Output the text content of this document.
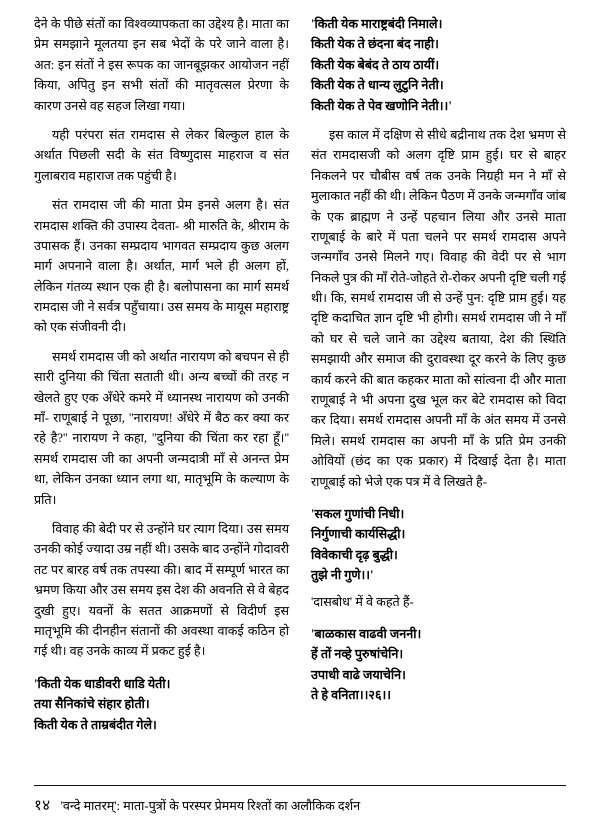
देने के पीछे संतों का विश्वव्यापकता का उद्देश्य है। माता का प्रेम समझाने मूलतया इन सब भेदों के परे जाने वाला है। अत: इन संतों ने इस रूपक का जानबूझकर आयोजन नहीं किया, अपितु इन सभी संतों की मातृवत्सल प्रेरणा के कारण उनसे वह सहज लिखा गया।

यही परंपरा संत रामदास से लेकर बिल्कुल हाल के अर्थात पिछली सदी के संत विष्णुदास माहराज व संत गुलाबराव महाराज तक पहुंची है।

संत रामदास जी की माता प्रेम इनसे अलग है। संत रामदास शक्ति की उपास्य देवता- श्री मारुति के, श्रीराम के उपासक हैं। उनका सम्प्रदाय भागवत सम्प्रदाय कुछ अलग मार्ग अपनाने वाला है। अर्थात, मार्ग भले ही अलग हों, लेकिन गंतव्य स्थान एक ही है। बलोपासना का मार्ग समर्थ रामदास जी ने सर्वत्र पहुँचाया। उस समय के मायूस महाराष्ट्र को एक संजीवनी दी।

समर्थ रामदास जी को अर्थात नारायण को बचपन से ही सारी दुनिया की चिंता सताती थी। अन्य बच्चों की तरह न खेलते हुए एक अँधेरे कमरे में ध्यानस्थ नारायण को उनकी माँ- राणूबाई ने पूछा, ''नारायण! अँधेरे में बैठ कर क्या कर रहे है?'' नारायण ने कहा, ''दुनिया की चिंता कर रहा हूँ।'' समर्थ रामदास जी का अपनी जन्मदात्री माँ से अनन्त प्रेम था, लेकिन उनका ध्यान लगा था, मातृभूमि के कल्याण के प्रति।

विवाह की बेदी पर से उन्होंने घर त्याग दिया। उस समय उनकी कोई ज्यादा उम्र नहीं थी। उसके बाद उन्होंने गोदावरी तट पर बारह वर्ष तक तपस्या की। बाद में सम्पूर्ण भारत का भ्रमण किया और उस समय इस देश की अवनति से वे बेहद दुखी हुए। यवनों के सतत आक्रमणों से विदीर्ण इस मातृभूमि की दीनहीन संतानों की अवस्था वाकई कठिन हो गई थी। वह उनके काव्य में प्रकट हुई है।

'किती येक धाडीवरी धाडि येती।
तया सैनिकांचे संहार होती।
किती येक ते ताम्रबंदीत गेले।
'किती येक माराष्ट्रबंदी निमाले।
किती येक ते छंदना बंद नाही।
किती येक बेबंद ते ठाय ठायीं।
किती येक ते धान्य लुटुनि नेती।
किती येक ते पेव खणोनि नेती।।'

इस काल में दक्षिण से सीधे बद्रीनाथ तक देश भ्रमण से संत रामदासजी को अलग दृष्टि प्राम हुई। घर से बाहर निकलने पर चौबीस वर्ष तक उनके निग्रही मन ने माँ से मुलाकात नहीं की थी। लेकिन पैठण में उनके जन्मगाँव जांब के एक ब्राह्मण ने उन्हें पहचान लिया और उनसे माता राणूबाई के बारे में पता चलने पर समर्थ रामदास अपने जन्मगाँव उनसे मिलने गए। विवाह की वेदी पर से भाग निकले पुत्र की माँ रोते-जोहते रो-रोकर अपनी दृष्टि चली गई थी। कि, समर्थ रामदास जी से उन्हें पुन: दृष्टि प्राम हुई। यह दृष्टि कदाचित ज्ञान दृष्टि भी होगी। समर्थ रामदास जी ने माँ को घर से चले जाने का उद्देश्य बताया, देश की स्थिति समझायी और समाज की दुरावस्था दूर करने के लिए कुछ कार्य करने की बात कहकर माता को सांत्वना दी और माता राणूबाई ने भी अपना दुख भूल कर बेटे रामदास को विदा कर दिया। समर्थ रामदास अपनी माँ के अंत समय में उनसे मिले। समर्थ रामदास का अपनी माँ के प्रति प्रेम उनकी ओवियों (छंद का एक प्रकार) में दिखाई देता है। माता राणूबाई को भेजे एक पत्र में वे लिखते है-

'सकल गुणांची निधी।
निर्गुणाची कार्यसिद्धी।
विवेकाची दृढ़ बुद्धी।
तुझे नी गुणे।।'
'दासबोध' में वे कहते हैं-
'बाळकास वाढवी जननी।
हें तों नव्हे पुरुषांचेनि।
उपाधी वाढे जयाचेनि।
ते हे वनिता।।२६।।
१४ 'वन्दे मातरम्': माता-पुत्रों के परस्पर प्रेममय रिश्तों का अलौकिक दर्शन
